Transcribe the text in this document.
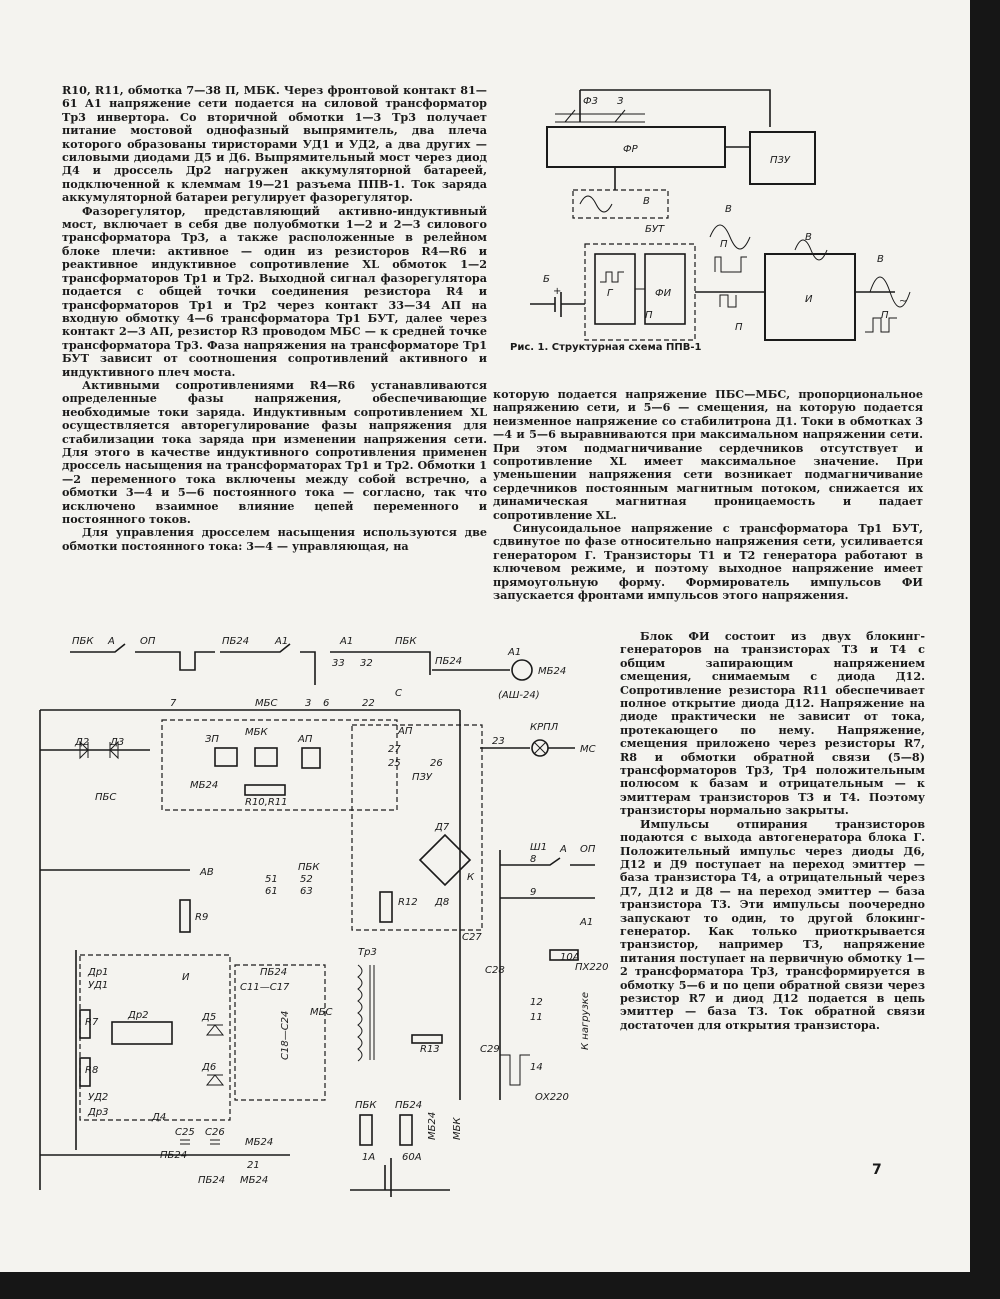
R10, R11, обмотка 7—38 П, МБК. Через фронтовой контакт 81—61 А1 напряжение сети подается на силовой трансформатор Тр3 инвертора. Со вторичной обмотки 1—3 Тр3 получает питание мостовой однофазный выпрямитель, два плеча которого образованы тиристорами УД1 и УД2, а два других — силовыми диодами Д5 и Д6. Выпрямительный мост через диод Д4 и дроссель Др2 нагружен аккумуляторной батареей, подключенной к клеммам 19—21 разъема ППВ-1. Ток заряда аккумуляторной батареи регулирует фазорегулятор.

Фазорегулятор, представляющий активно-индуктивный мост, включает в себя две полуобмотки 1—2 и 2—3 силового трансформатора Тр3, а также расположенные в релейном блоке плечи: активное — один из резисторов R4—R6 и реактивное индуктивное сопротивление XL обмоток 1—2 трансформаторов Тр1 и Тр2. Выходной сигнал фазорегулятора подается с общей точки соединения резистора R4 и трансформаторов Тр1 и Тр2 через контакт 33—34 АП на входную обмотку 4—6 трансформатора Тр1 БУТ, далее через контакт 2—3 АП, резистор R3 проводом МБС — к средней точке трансформатора Тр3. Фаза напряжения на трансформаторе Тр1 БУТ зависит от соотношения сопротивлений активного и индуктивного плеч моста.

Активными сопротивлениями R4—R6 устанавливаются определенные фазы напряжения, обеспечивающие необходимые токи заряда. Индуктивным сопротивлением XL осуществляется авторегулирование фазы напряжения для стабилизации тока заряда при изменении напряжения сети. Для этого в качестве индуктивного сопротивления применен дроссель насыщения на трансформаторах Тр1 и Тр2. Обмотки 1—2 переменного тока включены между собой встречно, а обмотки 3—4 и 5—6 постоянного тока — согласно, так что исключено взаимное влияние цепей переменного и постоянного токов.

Для управления дросселем насыщения используются две обмотки постоянного тока: 3—4 — управляющая, на

Ф3 З
ФР
ПЗУ
В
БУТ
Г	ФИ
П
И
Б
+
В
В
П
В
~
П
П
Рис. 1. Структурная схема ППВ-1

которую подается напряжение ПБС—МБС, пропорциональное напряжению сети, и 5—6 — смещения, на которую подается неизменное напряжение со стабилитрона Д1. Токи в обмотках 3—4 и 5—6 выравниваются при максимальном напряжении сети. При этом подмагничивание сердечников отсутствует и сопротивление XL имеет максимальное значение. При уменьшении напряжения сети возникает подмагничивание сердечников постоянным магнитным потоком, снижается их динамическая магнитная проницаемость и падает сопротивление XL.

Синусоидальное напряжение с трансформатора Тр1 БУТ, сдвинутое по фазе относительно напряжения сети, усиливается генератором Г. Транзисторы Т1 и Т2 генератора работают в ключевом режиме, и поэтому выходное напряжение имеет прямоугольную форму. Формирователь импульсов ФИ запускается фронтами импульсов этого напряжения.

Блок ФИ состоит из двух блокинг-генераторов на транзисторах Т3 и Т4 с общим запирающим напряжением смещения, снимаемым с диода Д12. Сопротивление резистора R11 обеспечивает полное открытие диода Д12. Напряжение на диоде практически не зависит от тока, протекающего по нему. Напряжение, смещения приложено через резисторы R7, R8 и обмотки обратной связи (5—8) трансформаторов Тр3, Тр4 положительным полюсом к базам и отрицательным — к эмиттерам транзисторов Т3 и Т4. Поэтому транзисторы нормально закрыты.

Импульсы отпирания транзисторов подаются с выхода автогенератора блока Г. Положительный импульс через диоды Д6, Д12 и Д9 поступает на переход эмиттер — база транзистора Т4, а отрицательный через Д7, Д12 и Д8 — на переход эмиттер — база транзистора Т3. Эти импульсы поочередно запускают то один, то другой блокинг-генератор. Как только приоткрывается транзистор, например Т3, напряжение питания поступает на первичную обмотку 1—2 трансформатора Тр3, трансформируется в обмотку 5—6 и по цепи обратной связи через резистор R7 и диод Д12 подается в цепь эмиттер — база Т3. Ток обратной связи достаточен для открытия транзистора.

ПБК А	ОП	ПБ24	А1	А1	ПБК
33 32	ПБ24
А1
МБ24
(АШ-24)
МБС
7	3 6	22
С
Д2 Д3
ПБС
ЗП
МБК
АП
R10,R11
МБ24
ПЗУ
АП
27
25	26
23
КРПЛ
МС
Д7
Д8
К
R12
C27
C28
Ш1
8
А ОП
9
А1
10А
ПХ220
12
11
14
ОХ220
К нагрузке
Тр3
С29
R13
АВ
R9
51
61
52
63
ПБК
И
Др1
УД1
Др2
R7
R8
УД2
Др3
Д5
Д6
Д4
С11—С17
С18—С24
ПБ24
МБС
С25 С26
МБ24
ПБ24
21
ПБ24 МБ24
ПБК ПБ24
1А	60А
МБ24 МБК
7
